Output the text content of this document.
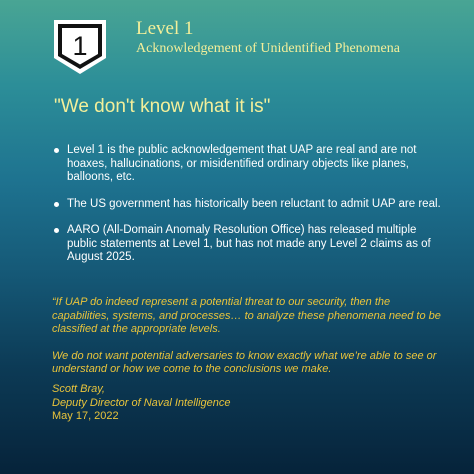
1
Level 1
Acknowledgement of Unidentified Phenomena
"We don't know what it is"
Level 1 is the public acknowledgement that UAP are real and are not hoaxes, hallucinations, or misidentified ordinary objects like planes, balloons, etc.
The US government has historically been reluctant to admit UAP are real.
AARO (All-Domain Anomaly Resolution Office) has released multiple public statements at Level 1, but has not made any Level 2 claims as of August 2025.

“If UAP do indeed represent a potential threat to our security, then the capabilities, systems, and processes… to analyze these phenomena need to be classified at the appropriate levels.

We do not want potential adversaries to know exactly what we’re able to see or understand or how we come to the conclusions we make.

Scott Bray,
Deputy Director of Naval Intelligence
May 17, 2022
